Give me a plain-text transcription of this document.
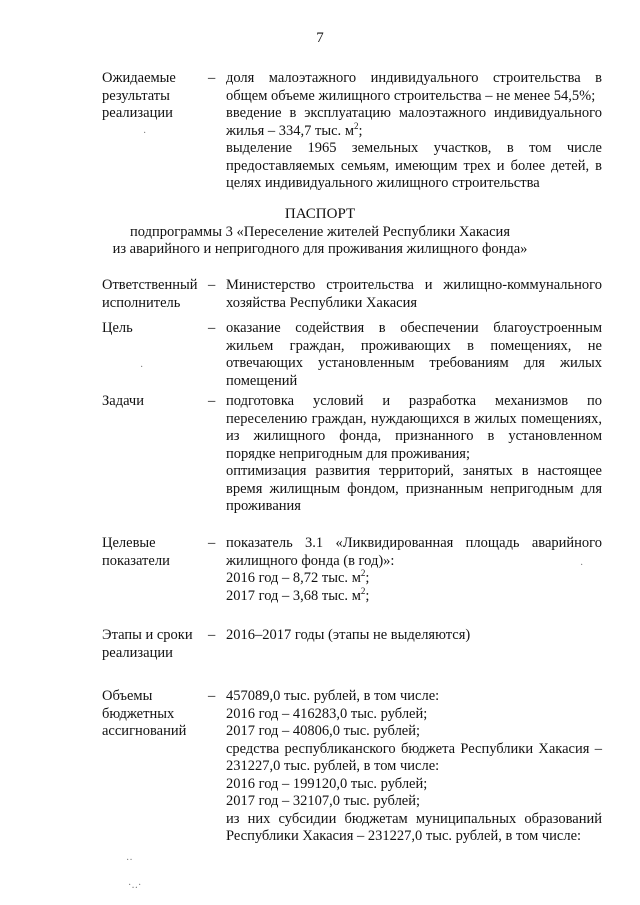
7
Ожидаемые
результаты
реализации
– доля малоэтажного индивидуального строительства в общем объеме жилищного строительства – не менее 54,5%;

введение в эксплуатацию малоэтажного индивидуального жилья – 334,7 тыс. $м^2$;

выделение 1965 земельных участков, в том числе предоставляемых семьям, имеющим трех и более детей, в целях индивидуального жилищного строительства

ПАСПОРТ
подпрограммы 3 «Переселение жителей Республики Хакасия
из аварийного и непригодного для проживания жилищного фонда»
Ответственный
исполнитель
– Министерство строительства и жилищно-коммунального хозяйства Республики Хакасия

Цель	– оказание содействия в обеспечении благоустроенным жильем граждан, проживающих в помещениях, не отвечающих установленным требованиям для жилых помещений

Задачи	– подготовка условий и разработка механизмов по переселению граждан, нуждающихся в жилых помещениях, из жилищного фонда, признанного в установленном порядке непригодным для проживания;

оптимизация развития территорий, занятых в настоящее время жилищным фондом, признанным непригодным для проживания

Целевые
показатели
– показатель 3.1 «Ликвидированная площадь аварийного жилищного фонда (в год)»:

2016 год – 8,72 тыс. $м^2$;

2017 год – 3,68 тыс. $м^2$;

Этапы и сроки
реализации
– 2016–2017 годы (этапы не выделяются)

Объемы
бюджетных
ассигнований
– 457089,0 тыс. рублей, в том числе:

2016 год – 416283,0 тыс. рублей;

2017 год – 40806,0 тыс. рублей;

средства республиканского бюджета Республики Хакасия – 231227,0 тыс. рублей, в том числе:

2016 год – 199120,0 тыс. рублей;

2017 год – 32107,0 тыс. рублей;

из них субсидии бюджетам муниципальных образований Республики Хакасия – 231227,0 тыс. рублей, в том числе:

·
·
·
··
·‥·
